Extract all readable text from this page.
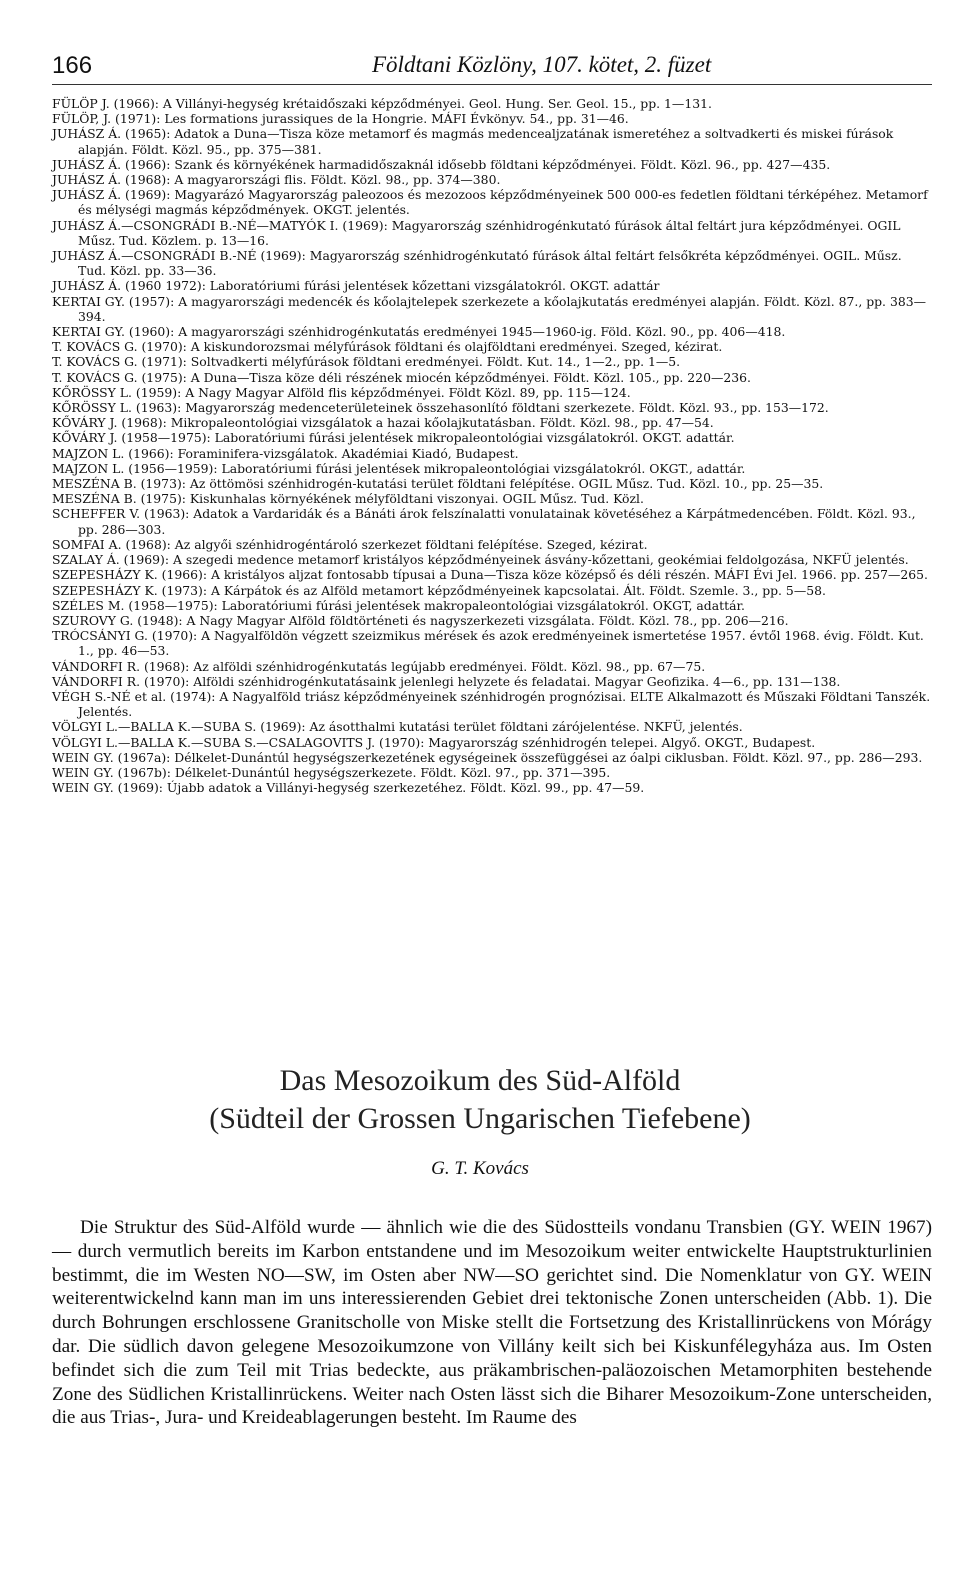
166	Földtani Közlöny, 107. kötet, 2. füzet

FÜLÖP J. (1966): A Villányi-hegység krétaidőszaki képződményei. Geol. Hung. Ser. Geol. 15., pp. 1—131.

FÜLÖP, J. (1971): Les formations jurassiques de la Hongrie. MÁFI Évkönyv. 54., pp. 31—46.

JUHÁSZ Á. (1965): Adatok a Duna—Tisza köze metamorf és magmás medencealjzatának ismeretéhez a soltvadkerti és miskei fúrások alapján. Földt. Közl. 95., pp. 375—381.

JUHÁSZ Á. (1966): Szank és környékének harmadidőszaknál idősebb földtani képződményei. Földt. Közl. 96., pp. 427—435.

JUHÁSZ Á. (1968): A magyarországi flis. Földt. Közl. 98., pp. 374—380.

JUHÁSZ Á. (1969): Magyarázó Magyarország paleozoos és mezozoos képződményeinek 500 000-es fedetlen földtani térképéhez. Metamorf és mélységi magmás képződmények. OKGT. jelentés.

JUHÁSZ Á.—CSONGRÁDI B.-NÉ—MATYÓK I. (1969): Magyarország szénhidrogénkutató fúrások által feltárt jura képződményei. OGIL Műsz. Tud. Közlem. p. 13—16.

JUHÁSZ Á.—CSONGRÁDI B.-NÉ (1969): Magyarország szénhidrogénkutató fúrások által feltárt felsőkréta képződményei. OGIL. Műsz. Tud. Közl. pp. 33—36.

JUHÁSZ Á. (1960 1972): Laboratóriumi fúrási jelentések kőzettani vizsgálatokról. OKGT. adattár

KERTAI GY. (1957): A magyarországi medencék és kőolajtelepek szerkezete a kőolajkutatás eredményei alapján. Földt. Közl. 87., pp. 383—394.

KERTAI GY. (1960): A magyarországi szénhidrogénkutatás eredményei 1945—1960-ig. Föld. Közl. 90., pp. 406—418.

T. KOVÁCS G. (1970): A kiskundorozsmai mélyfúrások földtani és olajföldtani eredményei. Szeged, kézirat.

T. KOVÁCS G. (1971): Soltvadkerti mélyfúrások földtani eredményei. Földt. Kut. 14., 1—2., pp. 1—5.

T. KOVÁCS G. (1975): A Duna—Tisza köze déli részének miocén képződményei. Földt. Közl. 105., pp. 220—236.

KŐRÖSSY L. (1959): A Nagy Magyar Alföld flis képződményei. Földt Közl. 89, pp. 115—124.

KŐRÖSSY L. (1963): Magyarország medenceterületeinek összehasonlító földtani szerkezete. Földt. Közl. 93., pp. 153—172.

KŐVÁRY J. (1968): Mikropaleontológiai vizsgálatok a hazai kőolajkutatásban. Földt. Közl. 98., pp. 47—54.

KŐVÁRY J. (1958—1975): Laboratóriumi fúrási jelentések mikropaleontológiai vizsgálatokról. OKGT. adattár.

MAJZON L. (1966): Foraminifera-vizsgálatok. Akadémiai Kiadó, Budapest.

MAJZON L. (1956—1959): Laboratóriumi fúrási jelentések mikropaleontológiai vizsgálatokról. OKGT., adattár.

MESZÉNA B. (1973): Az öttömösi szénhidrogén-kutatási terület földtani felépítése. OGIL Műsz. Tud. Közl. 10., pp. 25—35.

MESZÉNA B. (1975): Kiskunhalas környékének mélyföldtani viszonyai. OGIL Műsz. Tud. Közl.

SCHEFFER V. (1963): Adatok a Vardaridák és a Bánáti árok felszínalatti vonulatainak követéséhez a Kárpátmedencében. Földt. Közl. 93., pp. 286—303.

SOMFAI A. (1968): Az algyői szénhidrogéntároló szerkezet földtani felépítése. Szeged, kézirat.

SZALAY Á. (1969): A szegedi medence metamorf kristályos képződményeinek ásvány-kőzettani, geokémiai feldolgozása, NKFÜ jelentés.

SZEPESHÁZY K. (1966): A kristályos aljzat fontosabb típusai a Duna—Tisza köze középső és déli részén. MÁFI Évi Jel. 1966. pp. 257—265.

SZEPESHÁZY K. (1973): A Kárpátok és az Alföld metamort képződményeinek kapcsolatai. Ált. Földt. Szemle. 3., pp. 5—58.

SZÉLES M. (1958—1975): Laboratóriumi fúrási jelentések makropaleontológiai vizsgálatokról. OKGT, adattár.

SZUROVY G. (1948): A Nagy Magyar Alföld földtörténeti és nagyszerkezeti vizsgálata. Földt. Közl. 78., pp. 206—216.

TRÓCSÁNYI G. (1970): A Nagyalföldön végzett szeizmikus mérések és azok eredményeinek ismertetése 1957. évtől 1968. évig. Földt. Kut. 1., pp. 46—53.

VÁNDORFI R. (1968): Az alföldi szénhidrogénkutatás legújabb eredményei. Földt. Közl. 98., pp. 67—75.

VÁNDORFI R. (1970): Alföldi szénhidrogénkutatásaink jelenlegi helyzete és feladatai. Magyar Geofizika. 4—6., pp. 131—138.

VÉGH S.-NÉ et al. (1974): A Nagyalföld triász képződményeinek szénhidrogén prognózisai. ELTE Alkalmazott és Műszaki Földtani Tanszék. Jelentés.

VÖLGYI L.—BALLA K.—SUBA S. (1969): Az ásotthalmi kutatási terület földtani zárójelentése. NKFÜ, jelentés.

VÖLGYI L.—BALLA K.—SUBA S.—CSALAGOVITS J. (1970): Magyarország szénhidrogén telepei. Algyő. OKGT., Budapest.

WEIN GY. (1967a): Délkelet-Dunántúl hegységszerkezetének egységeinek összefüggései az óalpi ciklusban. Földt. Közl. 97., pp. 286—293.

WEIN GY. (1967b): Délkelet-Dunántúl hegységszerkezete. Földt. Közl. 97., pp. 371—395.

WEIN GY. (1969): Újabb adatok a Villányi-hegység szerkezetéhez. Földt. Közl. 99., pp. 47—59.

Das Mesozoikum des Süd-Alföld
(Südteil der Grossen Ungarischen Tiefebene)
G. T. Kovács

Die Struktur des Süd-Alföld wurde — ähnlich wie die des Südostteils vondanu Transbien (GY. WEIN 1967) — durch vermutlich bereits im Karbon entstandene und im Mesozoikum weiter entwickelte Hauptstrukturlinien bestimmt, die im Westen NO—SW, im Osten aber NW—SO gerichtet sind. Die Nomenklatur von GY. WEIN weiterentwickelnd kann man im uns interessierenden Gebiet drei tektonische Zonen unterscheiden (Abb. 1). Die durch Bohrungen erschlossene Granitscholle von Miske stellt die Fortsetzung des Kristallinrückens von Mórágy dar. Die südlich davon gelegene Mesozoikumzone von Villány keilt sich bei Kiskunfélegyháza aus. Im Osten befindet sich die zum Teil mit Trias bedeckte, aus präkambrischen-paläozoischen Metamorphiten bestehende Zone des Südlichen Kristallinrückens. Weiter nach Osten lässt sich die Biharer Mesozoikum-Zone unterscheiden, die aus Trias-, Jura- und Kreideablagerungen besteht. Im Raume des
